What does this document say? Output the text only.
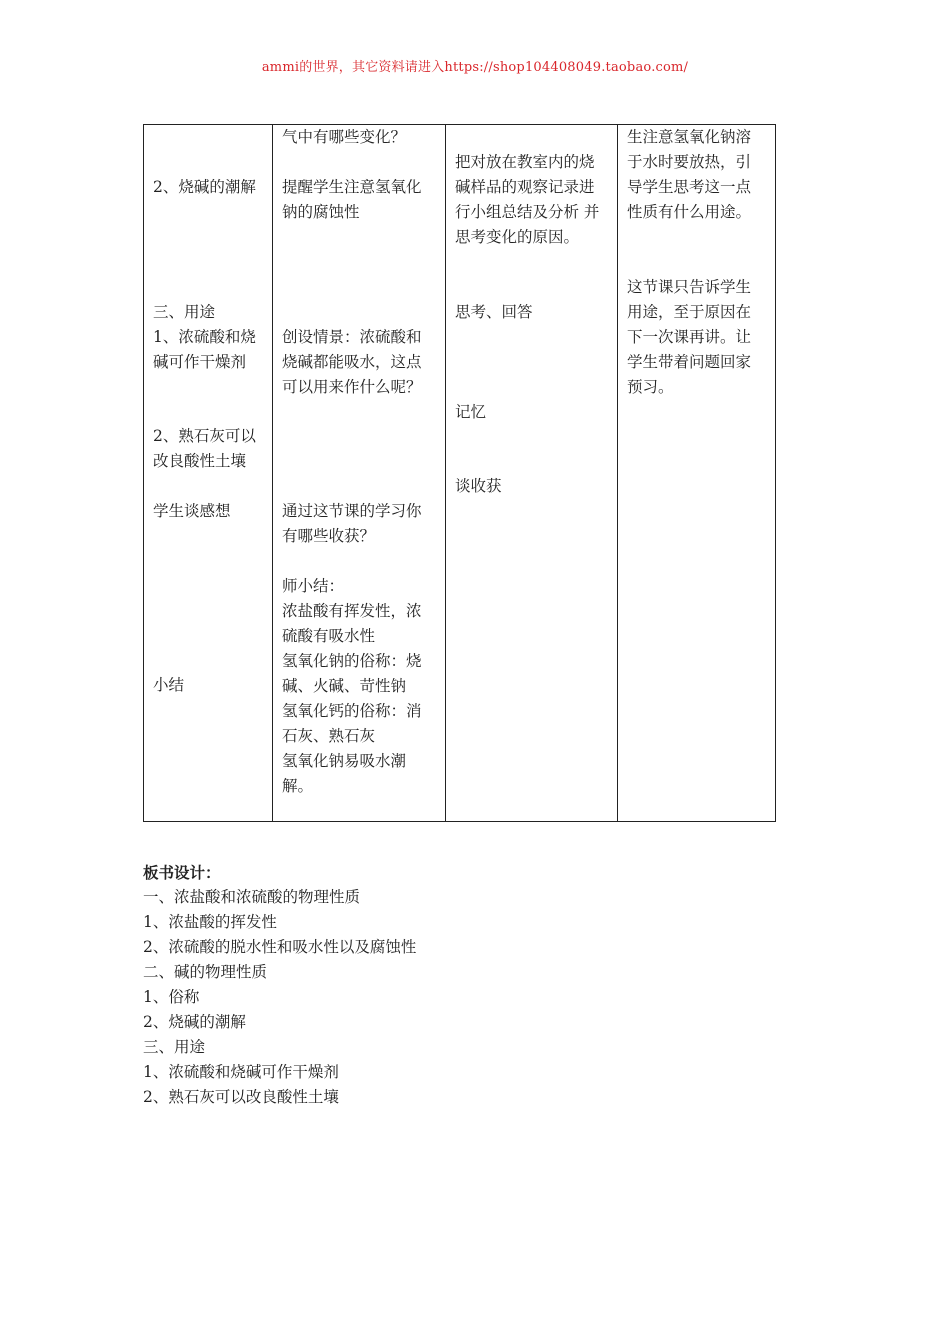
ammi的世界，其它资料请进入https://shop104408049.taobao.com/
2、烧碱的潮解
三、用途
1、浓硫酸和烧
碱可作干燥剂
2、熟石灰可以
改良酸性土壤
学生谈感想
小结
气中有哪些变化？
提醒学生注意氢氧化
钠的腐蚀性
创设情景：浓硫酸和
烧碱都能吸水，这点
可以用来作什么呢？
通过这节课的学习你
有哪些收获？
师小结：
浓盐酸有挥发性，浓
硫酸有吸水性
氢氧化钠的俗称：烧
碱、火碱、苛性钠
氢氧化钙的俗称：消
石灰、熟石灰
氢氧化钠易吸水潮
解。
把对放在教室内的烧
碱样品的观察记录进
行小组总结及分析 并
思考变化的原因。
思考、回答
记忆
谈收获
生注意氢氧化钠溶
于水时要放热，引
导学生思考这一点
性质有什么用途。
这节课只告诉学生
用途，至于原因在
下一次课再讲。让
学生带着问题回家
预习。
板书设计：
一、浓盐酸和浓硫酸的物理性质
1、浓盐酸的挥发性
2、浓硫酸的脱水性和吸水性以及腐蚀性
二、碱的物理性质
1、俗称
2、烧碱的潮解
三、用途
1、浓硫酸和烧碱可作干燥剂
2、熟石灰可以改良酸性土壤
